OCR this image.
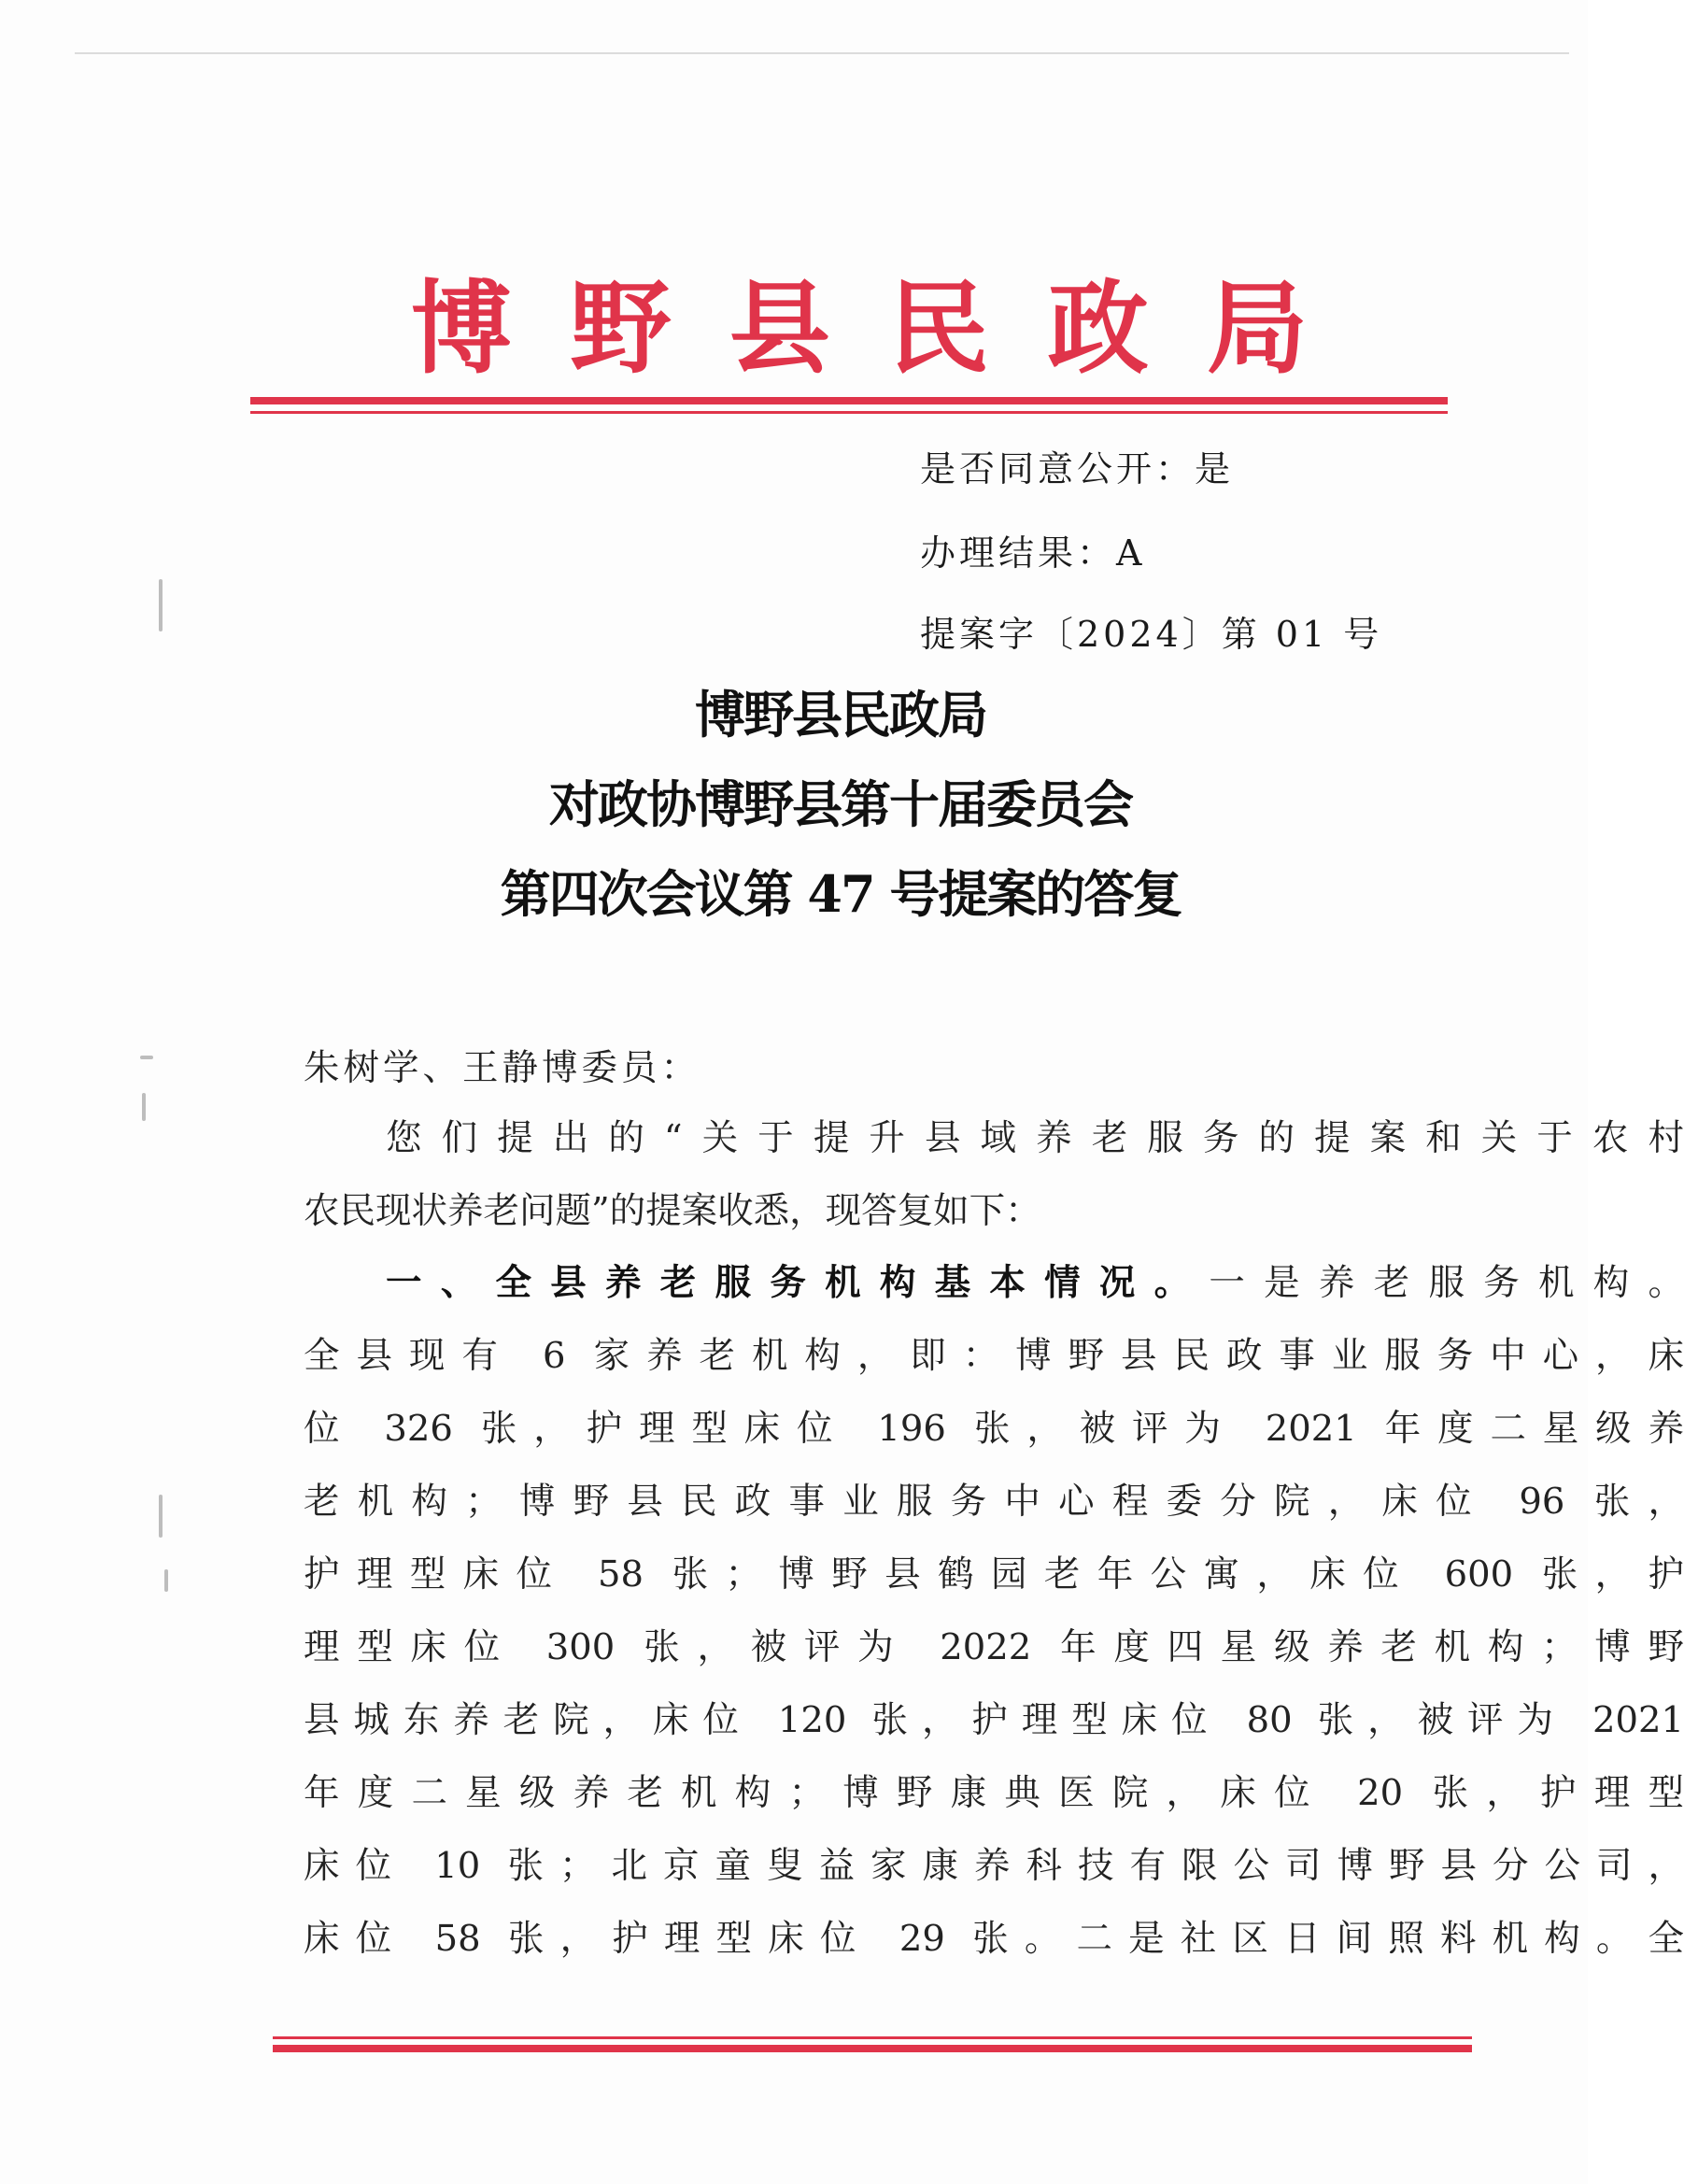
博 野 县 民 政 局
是否同意公开：是
办理结果：A
提案字〔2024〕第 01 号
博野县民政局
对政协博野县第十届委员会
第四次会议第 47 号提案的答复
朱树学、王静博委员：
您们提出的“关于提升县域养老服务的提案和关于农村
农民现状养老问题”的提案收悉，现答复如下：
一、全县养老服务机构基本情况。一是养老服务机构。
全县现有 6 家养老机构，即：博野县民政事业服务中心，床
位 326 张，护理型床位 196 张，被评为 2021 年度二星级养
老机构；博野县民政事业服务中心程委分院，床位 96 张，
护理型床位 58 张；博野县鹤园老年公寓，床位 600 张，护
理型床位 300 张，被评为 2022 年度四星级养老机构；博野
县城东养老院，床位 120 张，护理型床位 80 张，被评为 2021
年度二星级养老机构；博野康典医院，床位 20 张，护理型
床位 10 张；北京童叟益家康养科技有限公司博野县分公司，
床位 58 张，护理型床位 29 张。二是社区日间照料机构。全
